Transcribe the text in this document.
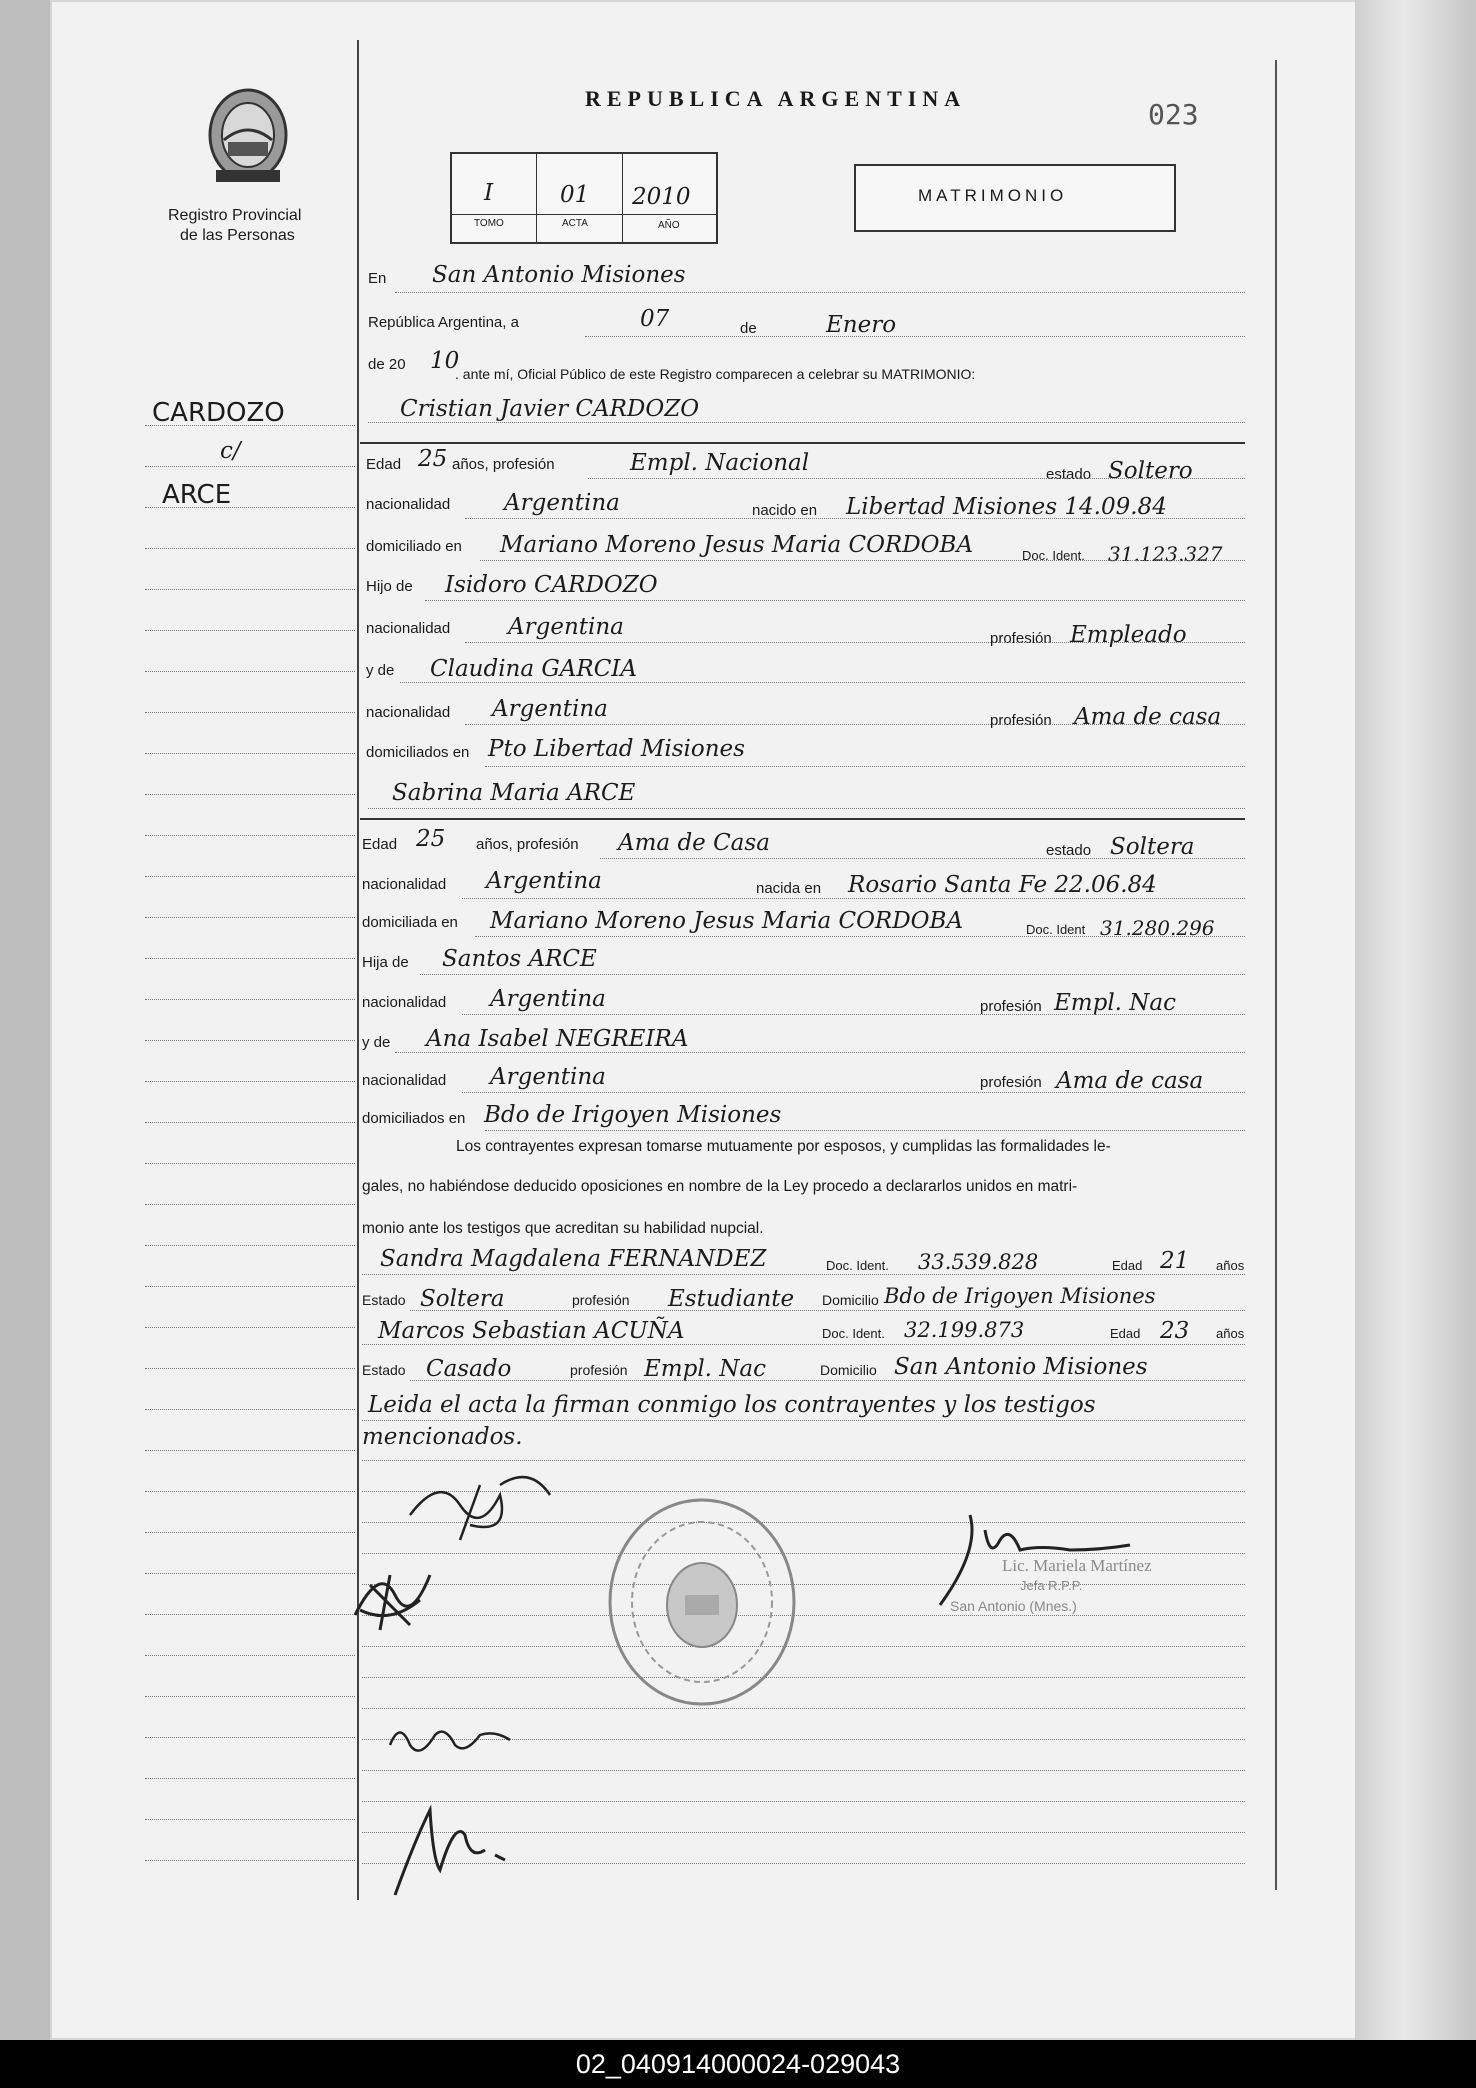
Registro Provincial
de las Personas
REPUBLICA ARGENTINA	023
I	01 2010
TOMO	ACTA	AÑO
MATRIMONIO
CARDOZO
c/
ARCE
En San Antonio Misiones
República Argentina, a	07	de	Enero
de 20 10
. ante mí, Oficial Público de este Registro comparecen a celebrar su MATRIMONIO:
Cristian Javier CARDOZO
Edad 25 años, profesión	Empl. Nacional	estado Soltero
nacionalidad Argentina	nacido en Libertad Misiones 14.09.84
domiciliado en Mariano Moreno Jesus Maria CORDOBA	Doc. Ident. 31.123.327
Hijo de Isidoro CARDOZO
nacionalidad	Argentina	profesión Empleado
y de Claudina GARCIA
nacionalidad Argentina	profesión Ama de casa
domiciliados en Pto Libertad Misiones
Sabrina Maria ARCE
Edad 25 años, profesión Ama de Casa	estado Soltera
nacionalidad Argentina	nacida en Rosario Santa Fe 22.06.84
domiciliada en Mariano Moreno Jesus Maria CORDOBA	Doc. Ident 31.280.296
Hija de Santos ARCE
nacionalidad Argentina	profesión Empl. Nac
y de Ana Isabel NEGREIRA
nacionalidad Argentina	profesión Ama de casa
domiciliados en Bdo de Irigoyen Misiones
Los contrayentes expresan tomarse mutuamente por esposos, y cumplidas las formalidades le-
gales, no habiéndose deducido oposiciones en nombre de la Ley procedo a declararlos unidos en matri-
monio ante los testigos que acreditan su habilidad nupcial.
Sandra Magdalena FERNANDEZ	Doc. Ident. 33.539.828	Edad 21 años
Estado Soltera	profesión Estudiante Domicilio Bdo de Irigoyen Misiones
Marcos Sebastian ACUÑA	Doc. Ident. 32.199.873	Edad 23 años
Estado Casado	profesión Empl. Nac	Domicilio San Antonio Misiones
Leida el acta la firman conmigo los contrayentes y los testigos
mencionados.
Lic. Mariela Martínez
Jefa R.P.P.
San Antonio (Mnes.)
02_040914000024-029043
